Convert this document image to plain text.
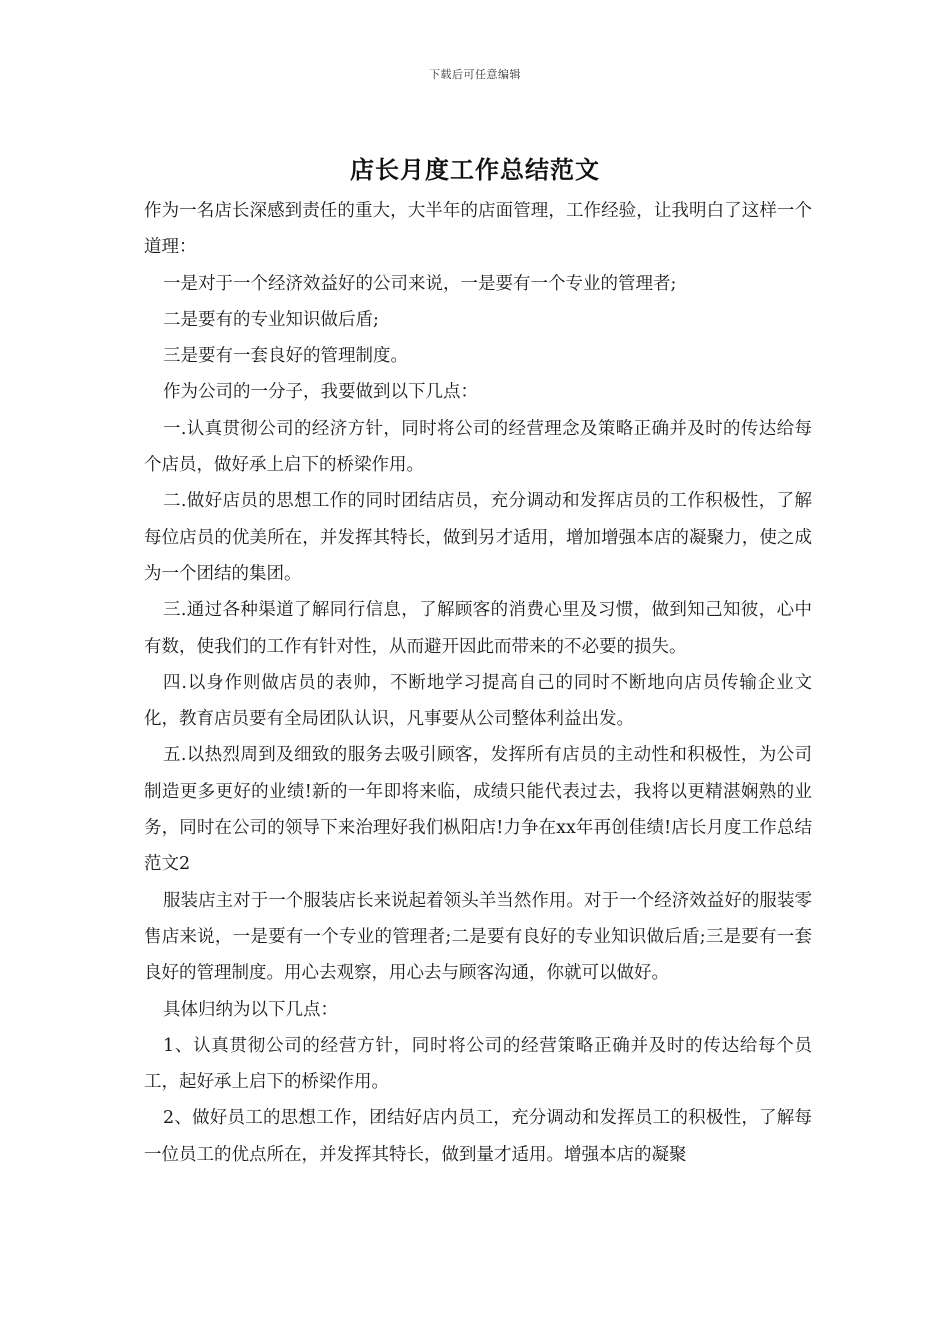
下载后可任意编辑
店长月度工作总结范文

作为一名店长深感到责任的重大，大半年的店面管理，工作经验，让我明白了这样一个道理：

一是对于一个经济效益好的公司来说，一是要有一个专业的管理者;

二是要有的专业知识做后盾;

三是要有一套良好的管理制度。

作为公司的一分子，我要做到以下几点：

一.认真贯彻公司的经济方针，同时将公司的经营理念及策略正确并及时的传达给每个店员，做好承上启下的桥梁作用。

二.做好店员的思想工作的同时团结店员，充分调动和发挥店员的工作积极性，了解每位店员的优美所在，并发挥其特长，做到另才适用，增加增强本店的凝聚力，使之成为一个团结的集团。

三.通过各种渠道了解同行信息，了解顾客的消费心里及习惯，做到知己知彼，心中有数，使我们的工作有针对性，从而避开因此而带来的不必要的损失。

四.以身作则做店员的表帅，不断地学习提高自己的同时不断地向店员传输企业文化，教育店员要有全局团队认识，凡事要从公司整体利益出发。

五.以热烈周到及细致的服务去吸引顾客，发挥所有店员的主动性和积极性，为公司制造更多更好的业绩!新的一年即将来临，成绩只能代表过去，我将以更精湛娴熟的业务，同时在公司的领导下来治理好我们枞阳店!力争在xx年再创佳绩!店长月度工作总结范文2

服装店主对于一个服装店长来说起着领头羊当然作用。对于一个经济效益好的服装零售店来说，一是要有一个专业的管理者;二是要有良好的专业知识做后盾;三是要有一套良好的管理制度。用心去观察，用心去与顾客沟通，你就可以做好。

具体归纳为以下几点：

1、认真贯彻公司的经营方针，同时将公司的经营策略正确并及时的传达给每个员工，起好承上启下的桥梁作用。

2、做好员工的思想工作，团结好店内员工，充分调动和发挥员工的积极性，了解每一位员工的优点所在，并发挥其特长，做到量才适用。增强本店的凝聚
